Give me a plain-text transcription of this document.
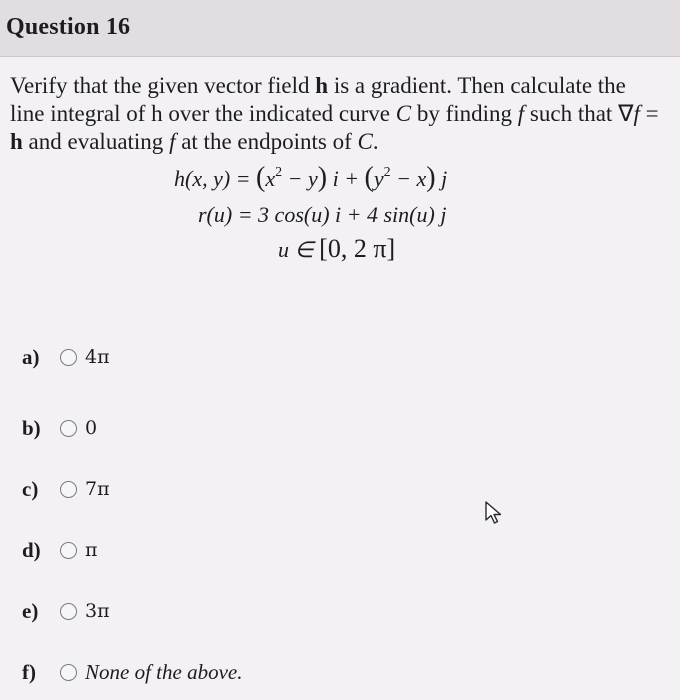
Question 16
Verify that the given vector field h is a gradient. Then calculate the line integral of h over the indicated curve C by finding f such that ∇f = h and evaluating f at the endpoints of C.
h(x, $y) = (x^2 - y) i + (y^2 - x)$ j
r(u) = 3 cos(u) i + 4 sin(u) j
u ∈ [0, 2 π]
a)	4π
b)	0
c)	7π
d)	π
e)	3π
f)	None of the above.
